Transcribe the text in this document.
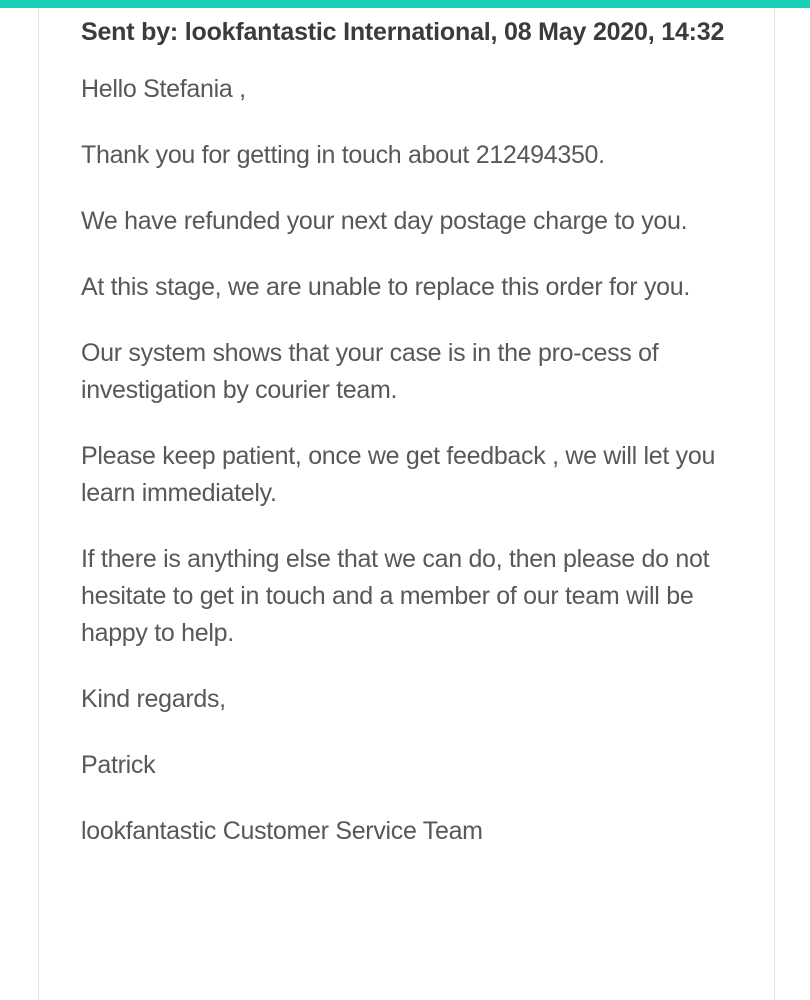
Sent by: lookfantastic International, 08 May 2020, 14:32

Hello Stefania ,

Thank you for getting in touch about 212494350.

We have refunded your next day postage charge to you.

At this stage, we are unable to replace this order for you.

Our system shows that your case is in the pro-cess of investigation by courier team.

Please keep patient, once we get feedback , we will let you learn immediately.

If there is anything else that we can do, then please do not hesitate to get in touch and a member of our team will be happy to help.

Kind regards,

Patrick

lookfantastic Customer Service Team
